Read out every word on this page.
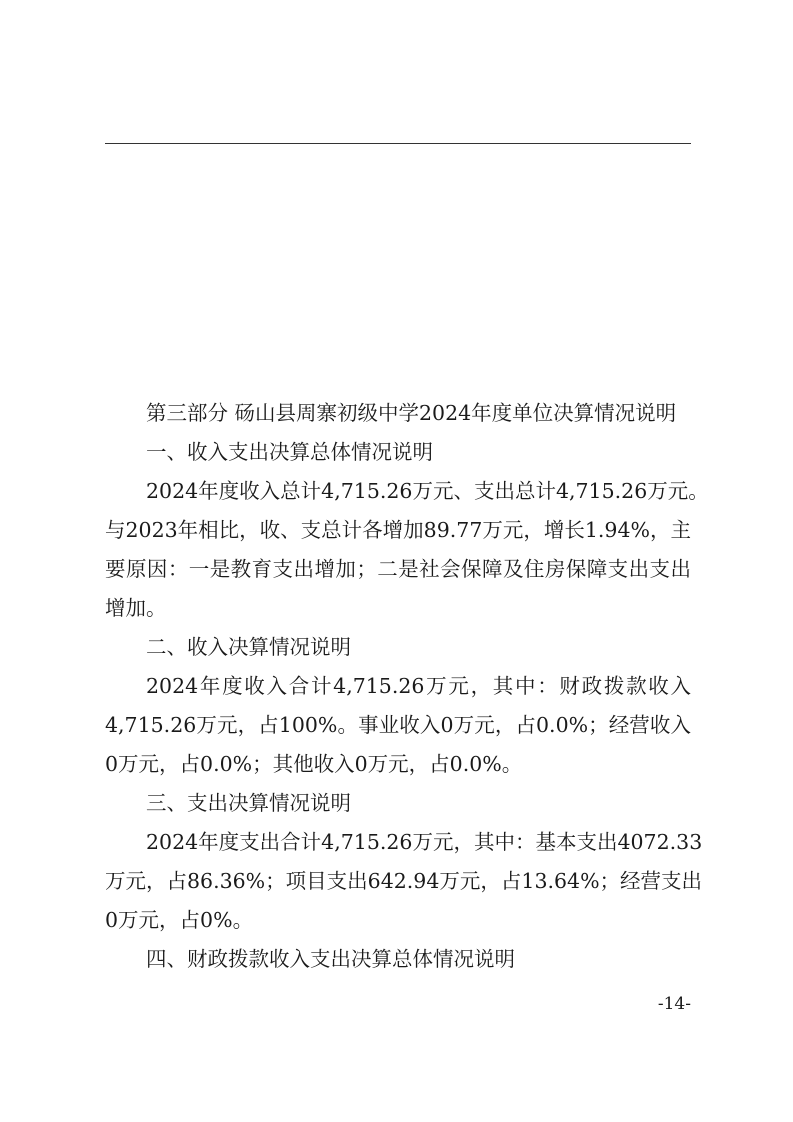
第三部分 砀山县周寨初级中学2024年度单位决算情况说明
一、收入支出决算总体情况说明
2024年度收入总计4,715.26万元、支出总计4,715.26万元。
与2023年相比，收、支总计各增加89.77万元，增长1.94%，主
要原因：一是教育支出增加；二是社会保障及住房保障支出支出
增加。
二、收入决算情况说明
2024年度收入合计4,715.26万元，其中：财政拨款收入
4,715.26万元，占100%。事业收入0万元，占0.0%；经营收入
0万元，占0.0%；其他收入0万元，占0.0%。
三、支出决算情况说明
2024年度支出合计4,715.26万元，其中：基本支出4072.33
万元，占86.36%；项目支出642.94万元，占13.64%；经营支出
0万元，占0%。
四、财政拨款收入支出决算总体情况说明
-14-
